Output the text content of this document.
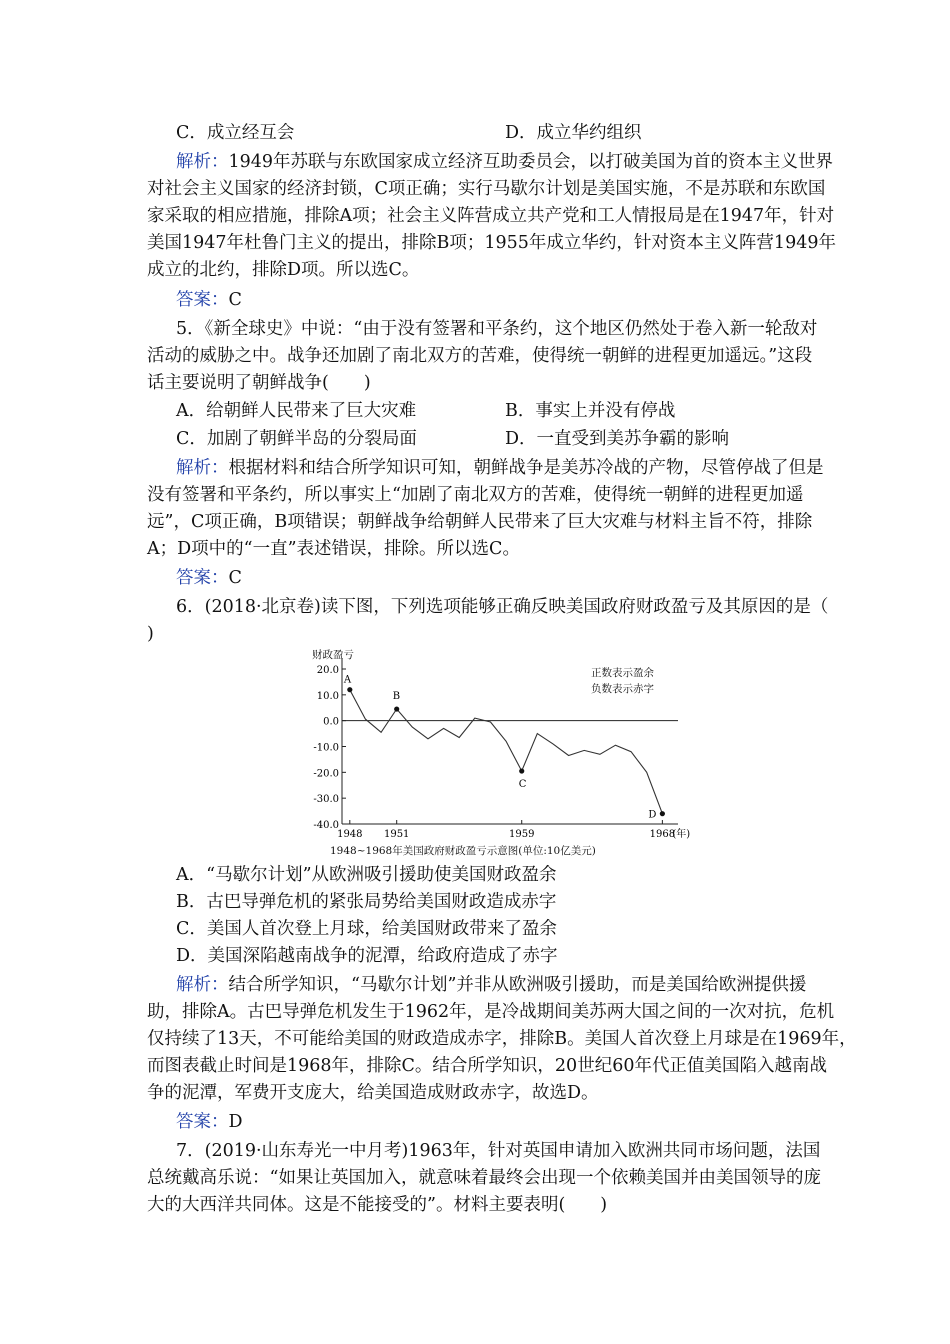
C．成立经互会	D．成立华约组织
解析：1949年苏联与东欧国家成立经济互助委员会，以打破美国为首的资本主义世界
对社会主义国家的经济封锁，C项正确；实行马歇尔计划是美国实施，不是苏联和东欧国
家采取的相应措施，排除A项；社会主义阵营成立共产党和工人情报局是在1947年，针对
美国1947年杜鲁门主义的提出，排除B项；1955年成立华约，针对资本主义阵营1949年
成立的北约，排除D项。所以选C。
答案：C
5．《新全球史》中说：“由于没有签署和平条约，这个地区仍然处于卷入新一轮敌对
活动的威胁之中。战争还加剧了南北双方的苦难，使得统一朝鲜的进程更加遥远。”这段
话主要说明了朝鲜战争(　　)
A．给朝鲜人民带来了巨大灾难	B．事实上并没有停战
C．加剧了朝鲜半岛的分裂局面	D．一直受到美苏争霸的影响
解析：根据材料和结合所学知识可知，朝鲜战争是美苏冷战的产物，尽管停战了但是
没有签署和平条约，所以事实上“加剧了南北双方的苦难，使得统一朝鲜的进程更加遥
远”，C项正确，B项错误；朝鲜战争给朝鲜人民带来了巨大灾难与材料主旨不符，排除
A；D项中的“一直”表述错误，排除。所以选C。
答案：C
6．(2018·北京卷)读下图，下列选项能够正确反映美国政府财政盈亏及其原因的是（
)
财政盈亏
正数表示盈余
负数表示赤字
1948~1968年美国政府财政盈亏示意图(单位:10亿美元)
20.0
10.0
0.0
-10.0
-20.0
-30.0
-40.0
1948 1951	1959	1968
(年)
A
B
C
D
A．“马歇尔计划”从欧洲吸引援助使美国财政盈余
B．古巴导弹危机的紧张局势给美国财政造成赤字
C．美国人首次登上月球，给美国财政带来了盈余
D．美国深陷越南战争的泥潭，给政府造成了赤字
解析：结合所学知识，“马歇尔计划”并非从欧洲吸引援助，而是美国给欧洲提供援
助，排除A。古巴导弹危机发生于1962年，是冷战期间美苏两大国之间的一次对抗，危机
仅持续了13天，不可能给美国的财政造成赤字，排除B。美国人首次登上月球是在1969年，
而图表截止时间是1968年，排除C。结合所学知识，20世纪60年代正值美国陷入越南战
争的泥潭，军费开支庞大，给美国造成财政赤字，故选D。
答案：D
7．(2019·山东寿光一中月考)1963年，针对英国申请加入欧洲共同市场问题，法国
总统戴高乐说：“如果让英国加入，就意味着最终会出现一个依赖美国并由美国领导的庞
大的大西洋共同体。这是不能接受的”。材料主要表明(　　)
